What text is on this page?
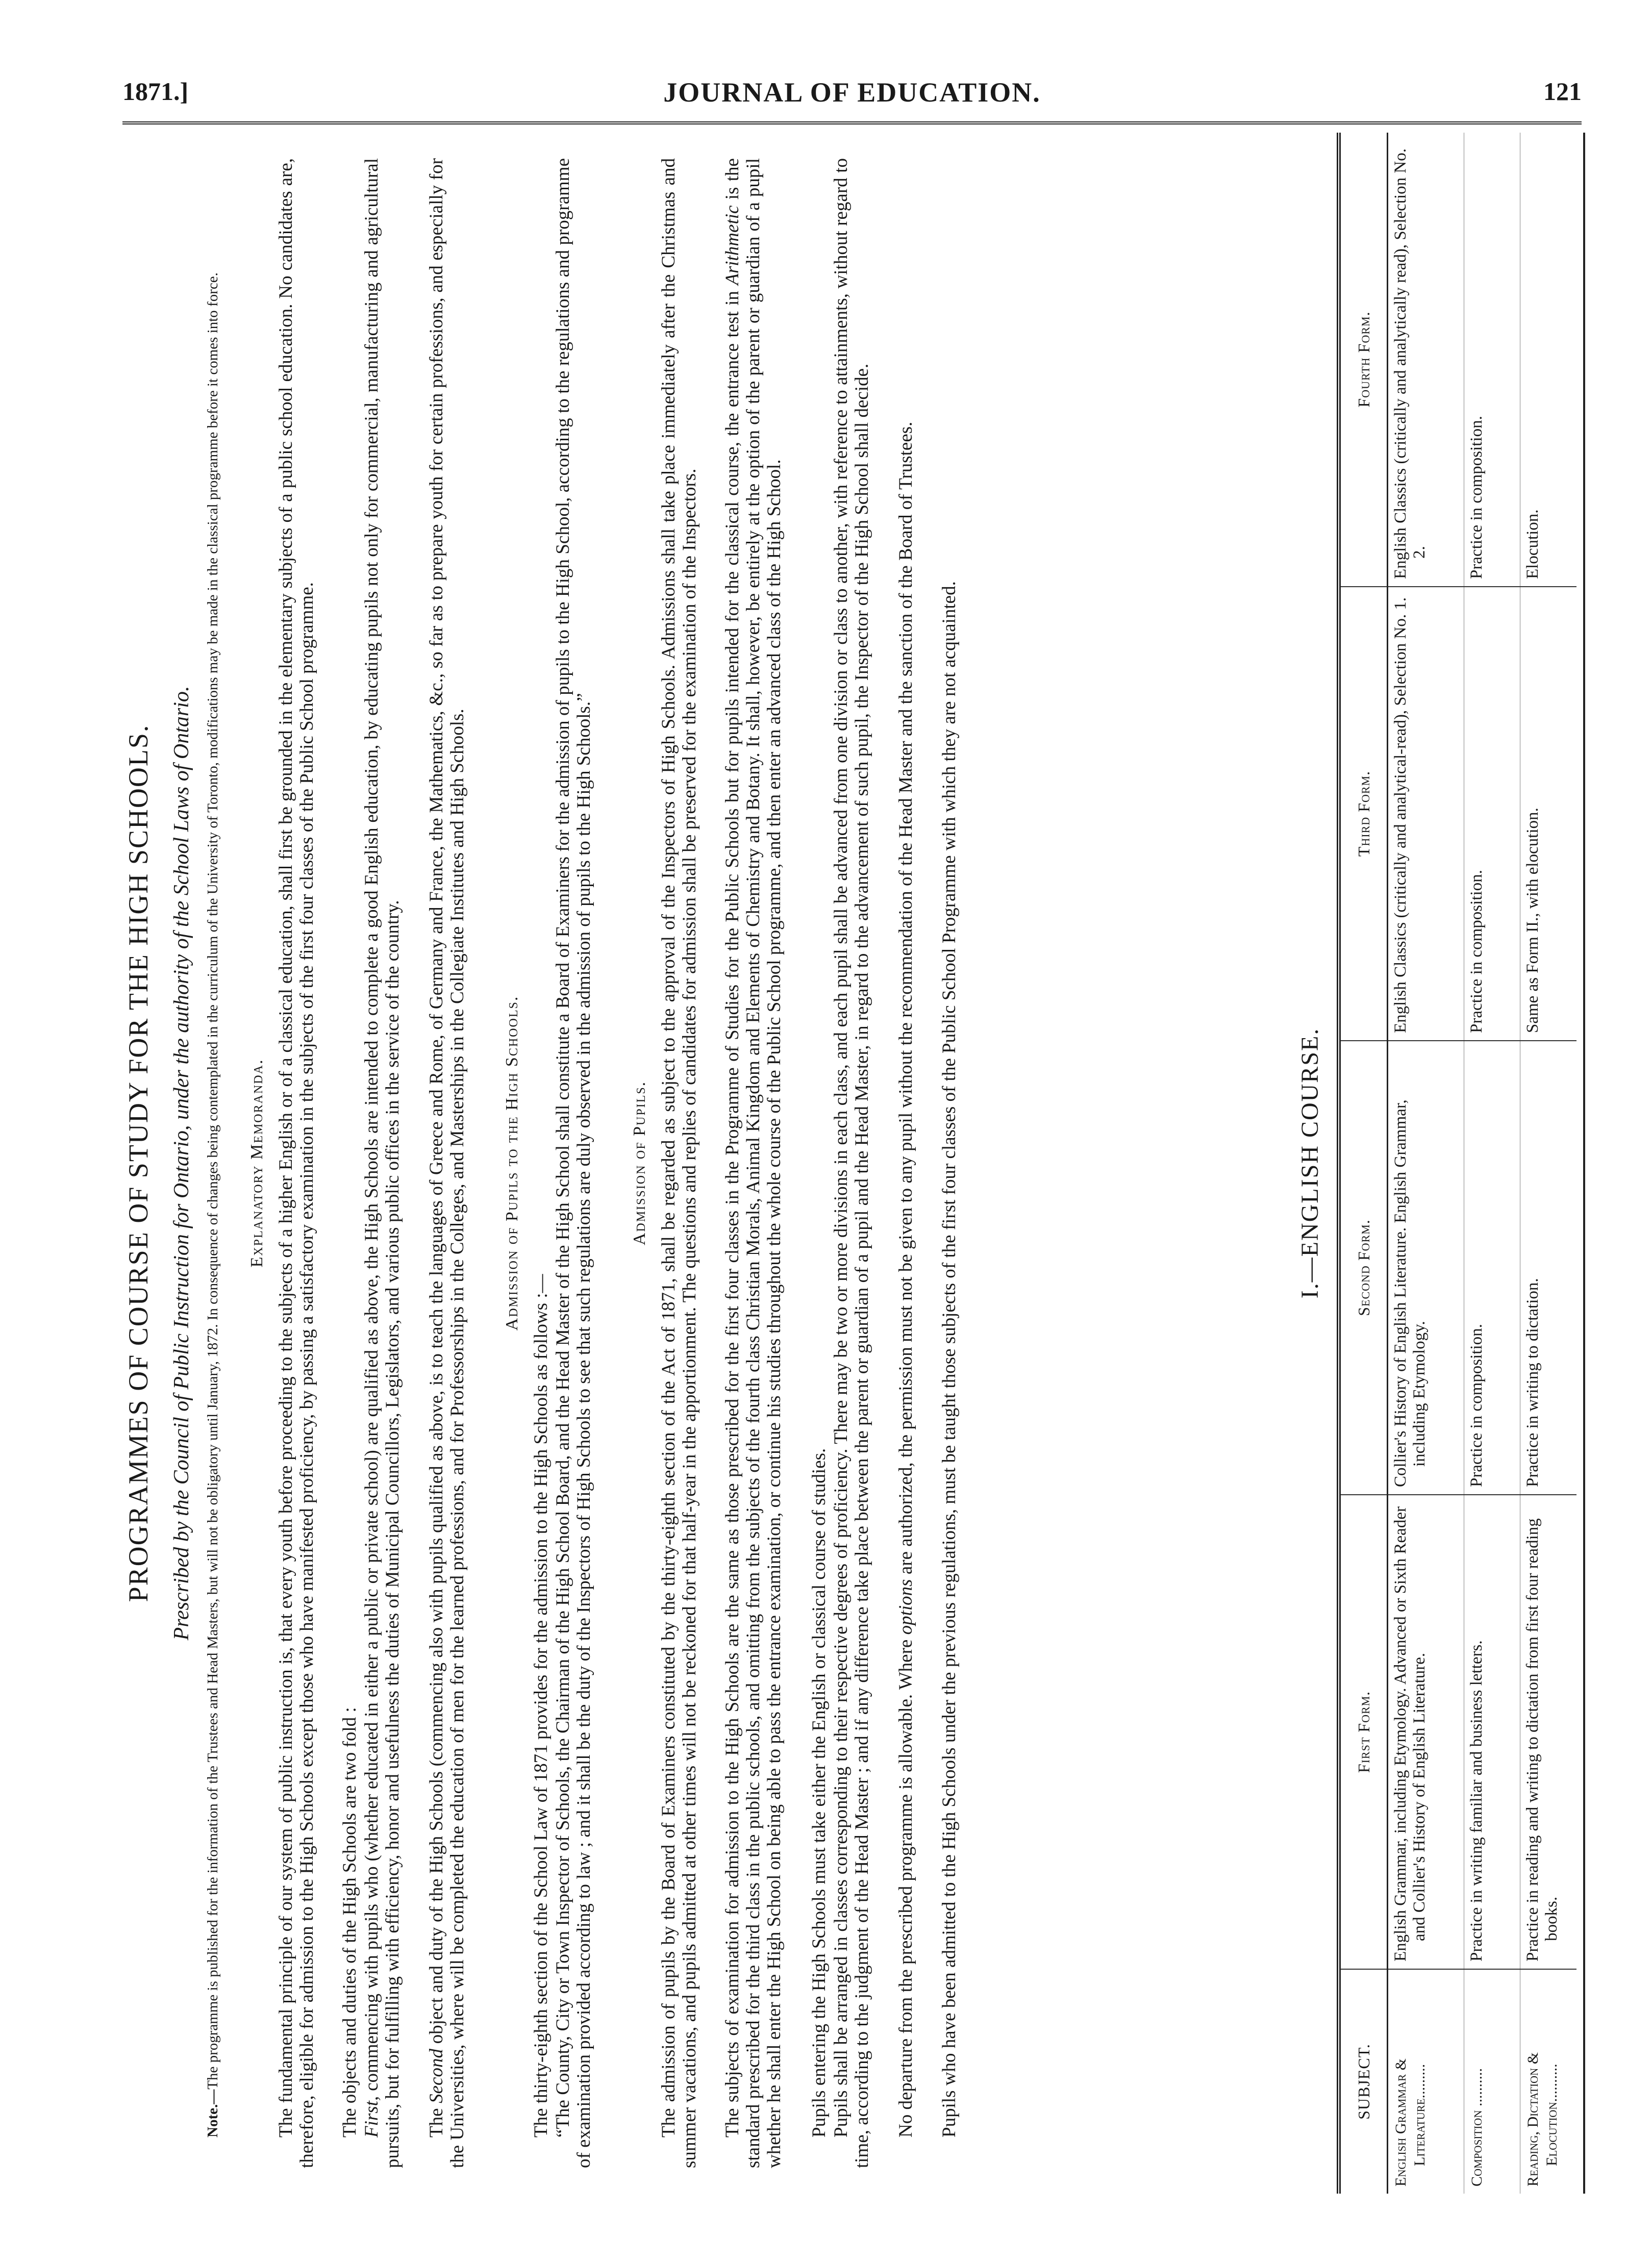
1871.]	JOURNAL OF EDUCATION.	121
PROGRAMMES OF COURSE OF STUDY FOR THE HIGH SCHOOLS. Prescribed by the Council of Public Instruction for Ontario, under the authority of the School Laws of Ontario.
Note.—The programme is published for the information of the Trustees and Head Masters, but will not be obligatory until January, 1872. In consequence of changes being contemplated in the curriculum of the University of Toronto, modifications may be made in the classical programme before it comes into force. Explanatory Memoranda. The fundamental principle of our system of public instruction is, that every youth before proceeding to the subjects of a higher English or of a classical education, shall first be grounded in the elementary subjects of a public school education. No candidates are, therefore, eligible for admission to the High Schools except those who have manifested proficiency, by passing a satisfactory examination in the subjects of the first four classes of the Public School programme. The objects and duties of the High Schools are two fold : First, commencing with pupils who (whether educated in either a public or private school) are qualified as above, the High Schools are intended to complete a good English education, by educating pupils not only for commercial, manufacturing and agricultural pursuits, but for fulfilling with efficiency, honor and usefulness the duties of Municipal Councillors, Legislators, and various public offices in the service of the country. The Second object and duty of the High Schools (commencing also with pupils qualified as above, is to teach the languages of Greece and Rome, of Germany and France, the Mathematics, &c., so far as to prepare youth for certain professions, and especially for the Universities, where will be completed the education of men for the learned professions, and for Professorships in the Colleges, and Masterships in the Collegiate Institutes and High Schools. Admission of Pupils to the High Schools.
The thirty-eighth section of the School Law of 1871 provides for the admission to the High Schools as follows :— “The County, City or Town Inspector of Schools, the Chairman of the High School Board, and the Head Master of the High School shall constitute a Board of Examiners for the admission of pupils to the High School, according to the regulations and programme of examination provided according to law ; and it shall be the duty of the Inspectors of High Schools to see that such regulations are duly observed in the admission of pupils to the High Schools.” Admission of Pupils. The admission of pupils by the Board of Examiners constituted by the thirty-eighth section of the Act of 1871, shall be regarded as subject to the approval of the Inspectors of High Schools. Admissions shall take place immediately after the Christmas and summer vacations, and pupils admitted at other times will not be reckoned for that half-year in the apportionment. The questions and replies of candidates for admission shall be preserved for the examination of the Inspectors. The subjects of examination for admission to the High Schools are the same as those prescribed for the first four classes in the Programme of Studies for the Public Schools but for pupils intended for the classical course, the entrance test in Arithmetic is the standard prescribed for the third class in the public schools, and omitting from the subjects of the fourth class Christian Morals, Animal Kingdom and Elements of Chemistry and Botany. It shall, however, be entirely at the option of the parent or guardian of a pupil whether he shall enter the High School on being able to pass the entrance examination, or continue his studies throughout the whole course of the Public School programme, and then enter an advanced class of the High School. Pupils entering the High Schools must take either the English or classical course of studies. Pupils shall be arranged in classes corresponding to their respective degrees of proficiency. There may be two or more divisions in each class, and each pupil shall be advanced from one division or class to another, with reference to attainments, without regard to time, according to the judgment of the Head Master ; and if any difference take place between the parent or guardian of a pupil and the Head Master, in regard to the advancement of such pupil, the Inspector of the High School shall decide. No departure from the prescribed programme is allowable. Where options are authorized, the permission must not be given to any pupil without the recommendation of the Head Master and the sanction of the Board of Trustees. Pupils who have been admitted to the High Schools under the previous regulations, must be taught those subjects of the first four classes of the Public School Programme with which they are not acquainted.	I.—ENGLISH COURSE.
SUBJECT.	First Form.	Second Form.	Third Form.	Fourth Form.

English Grammar & Literature.........	English Grammar, including Etymology. Advanced or Sixth Reader and Collier's History of English Literature.	Collier's History of English Literature. English Grammar, including Etymology.	English Classics (critically and analytical-read), Selection No. 1.	English Classics (critically and analytically read), Selection No. 2.

Composition ..........	Practice in writing familiar and business letters.	Practice in composition.	Practice in composition.	Practice in composition.

Reading, Dictation & Elocution..........	Practice in reading and writing to dictation from first four reading books.	Practice in writing to dictation.	Same as Form II., with elocution.	Elocution.
